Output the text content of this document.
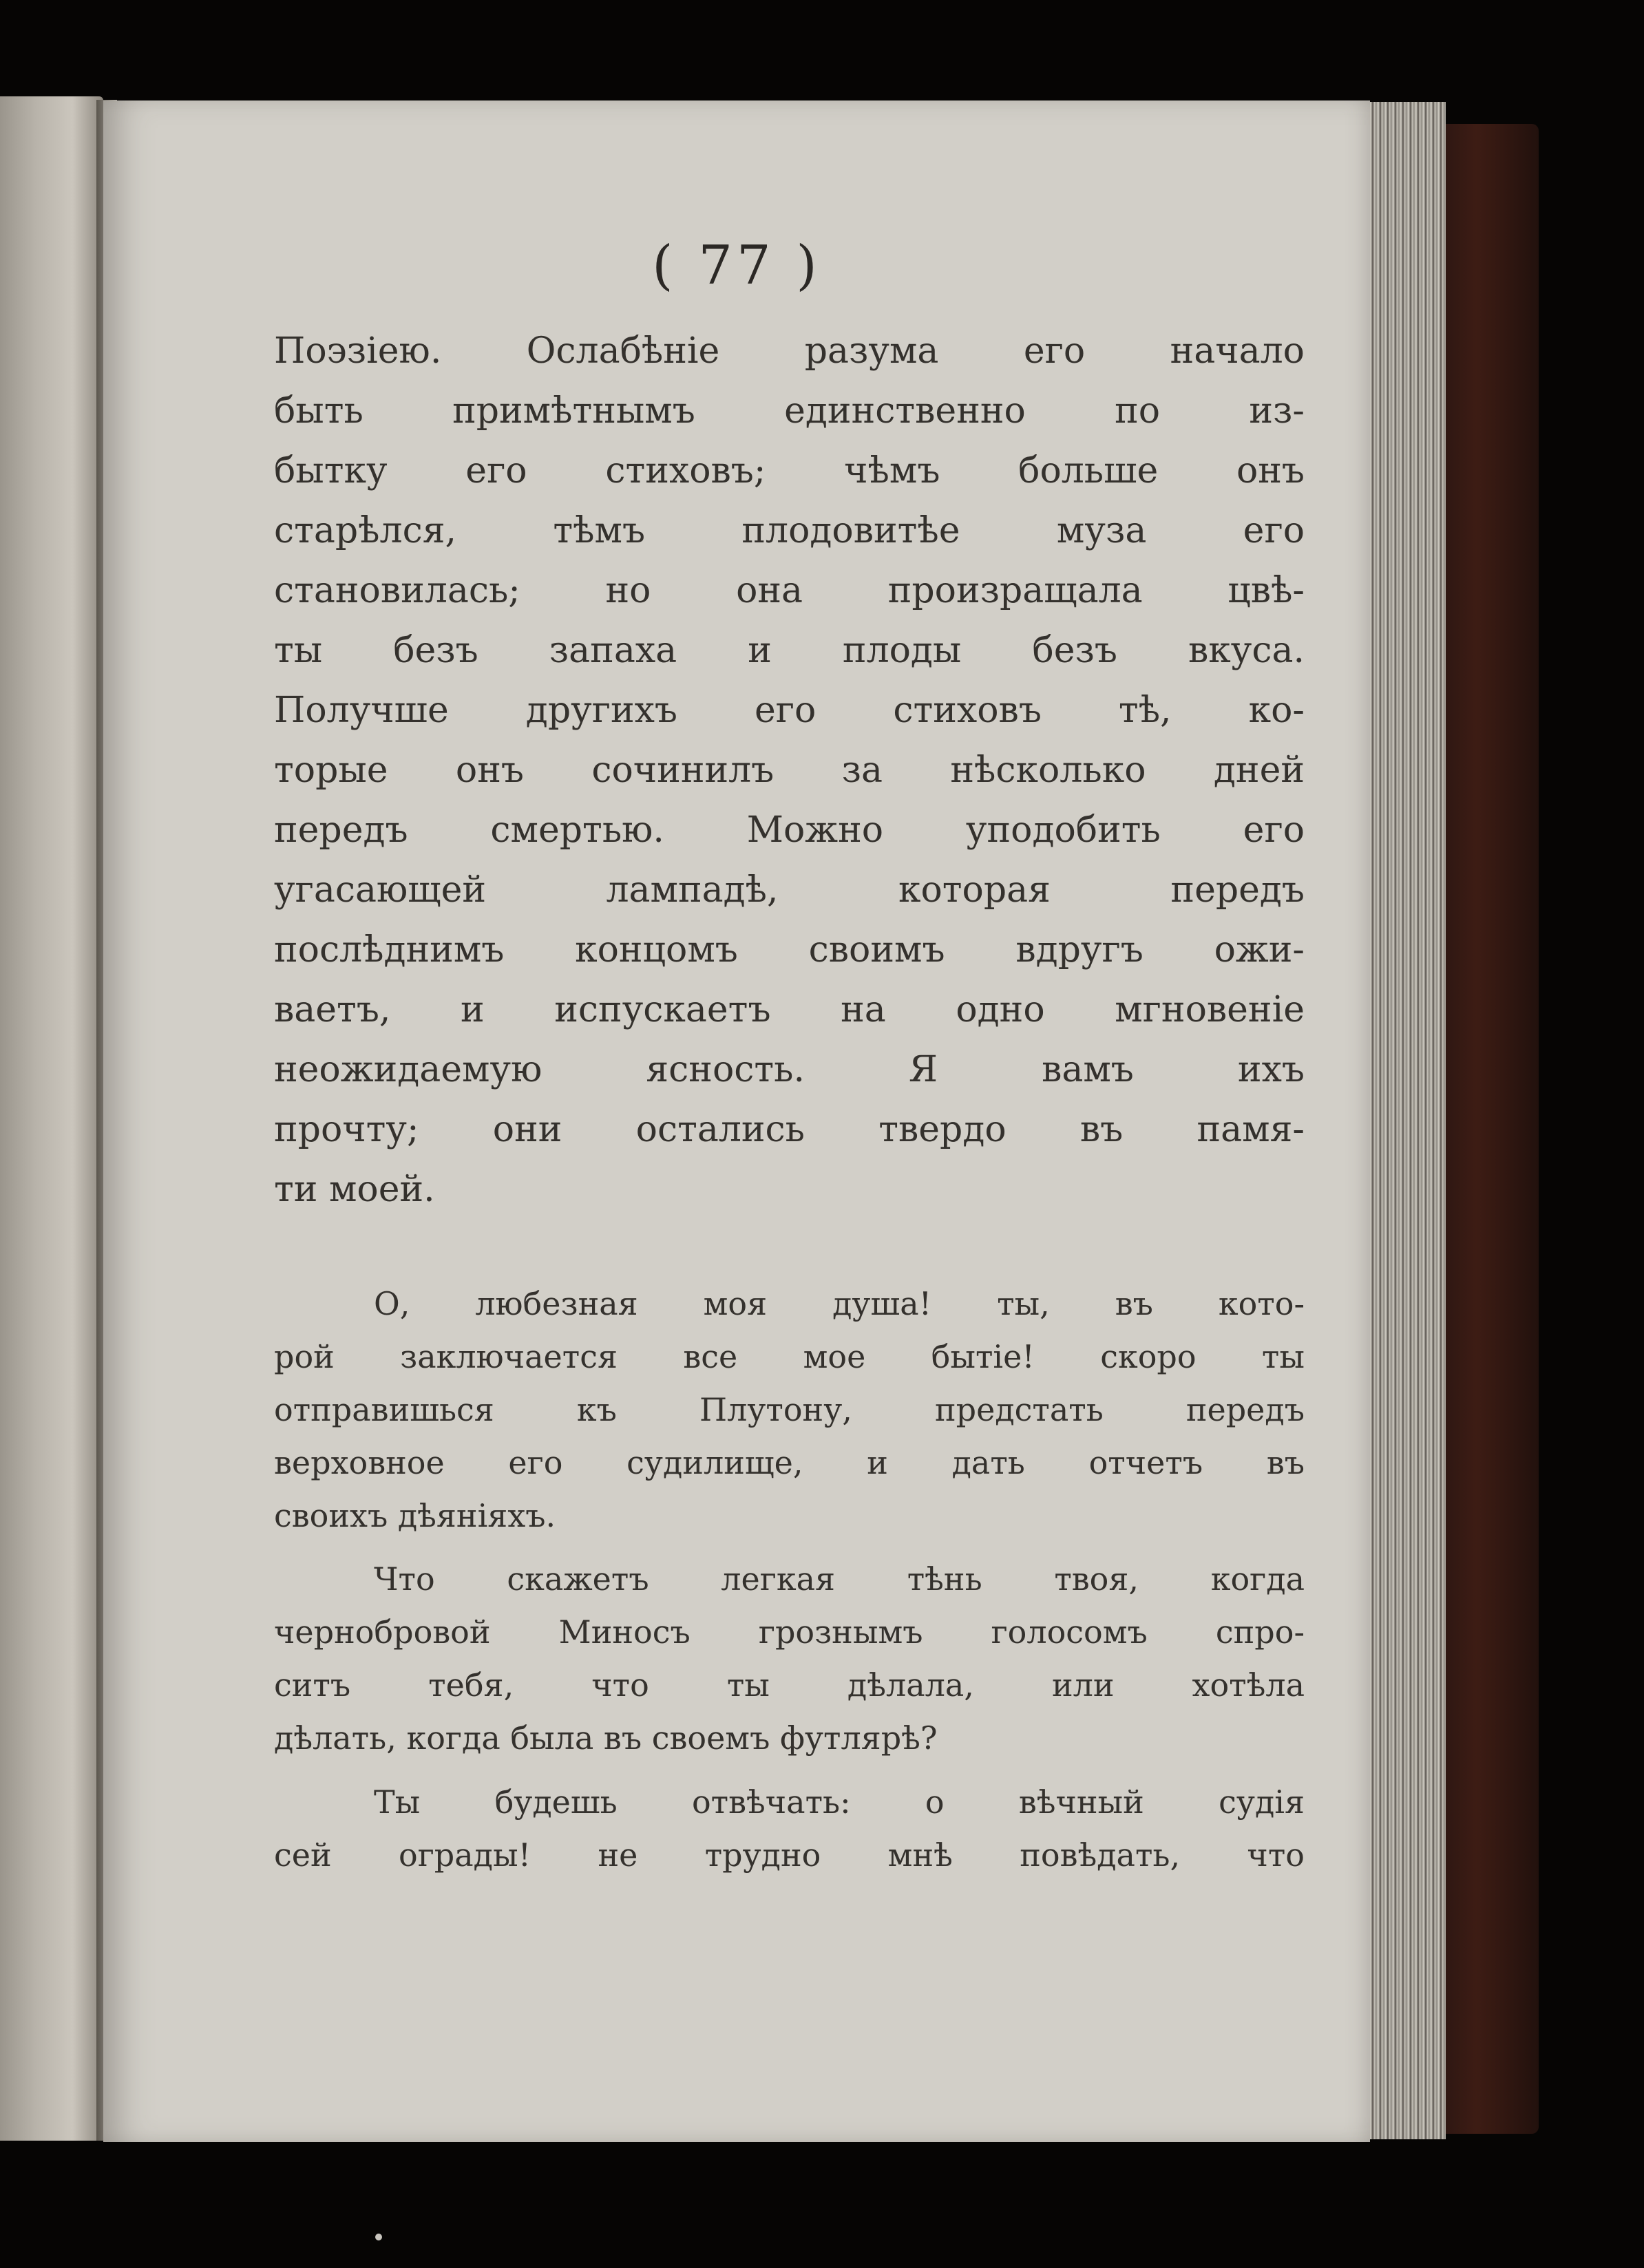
( 77 )
Поэзіею. Ослабѣніе разума его начало
быть примѣтнымъ единственно по из-
бытку его стиховъ; чѣмъ больше онъ
старѣлся, тѣмъ плодовитѣе муза его
становилась; но она произращала цвѣ-
ты безъ запаха и плоды безъ вкуса.
Получше другихъ его стиховъ тѣ, ко-
торые онъ сочинилъ за нѣсколько дней
передъ смертью. Можно уподобить его
угасающей лампадѣ, которая передъ
послѣднимъ концомъ своимъ вдругъ ожи-
ваетъ, и испускаетъ на одно мгновеніе
неожидаемую ясность. Я вамъ ихъ
прочту; они остались твердо въ памя-
ти моей.
О, любезная моя душа! ты, въ кото-
рой заключается все мое бытіе! скоро ты
отправишься къ Плутону, предстать передъ
верховное его судилище, и дать отчетъ въ
своихъ дѣяніяхъ.
Что скажетъ легкая тѣнь твоя, когда
чернобровой Миносъ грознымъ голосомъ спро-
ситъ тебя, что ты дѣлала, или хотѣла
дѣлать, когда была въ своемъ футлярѣ?
Ты будешь отвѣчать: о вѣчный судія
сей ограды! не трудно мнѣ повѣдать, что
